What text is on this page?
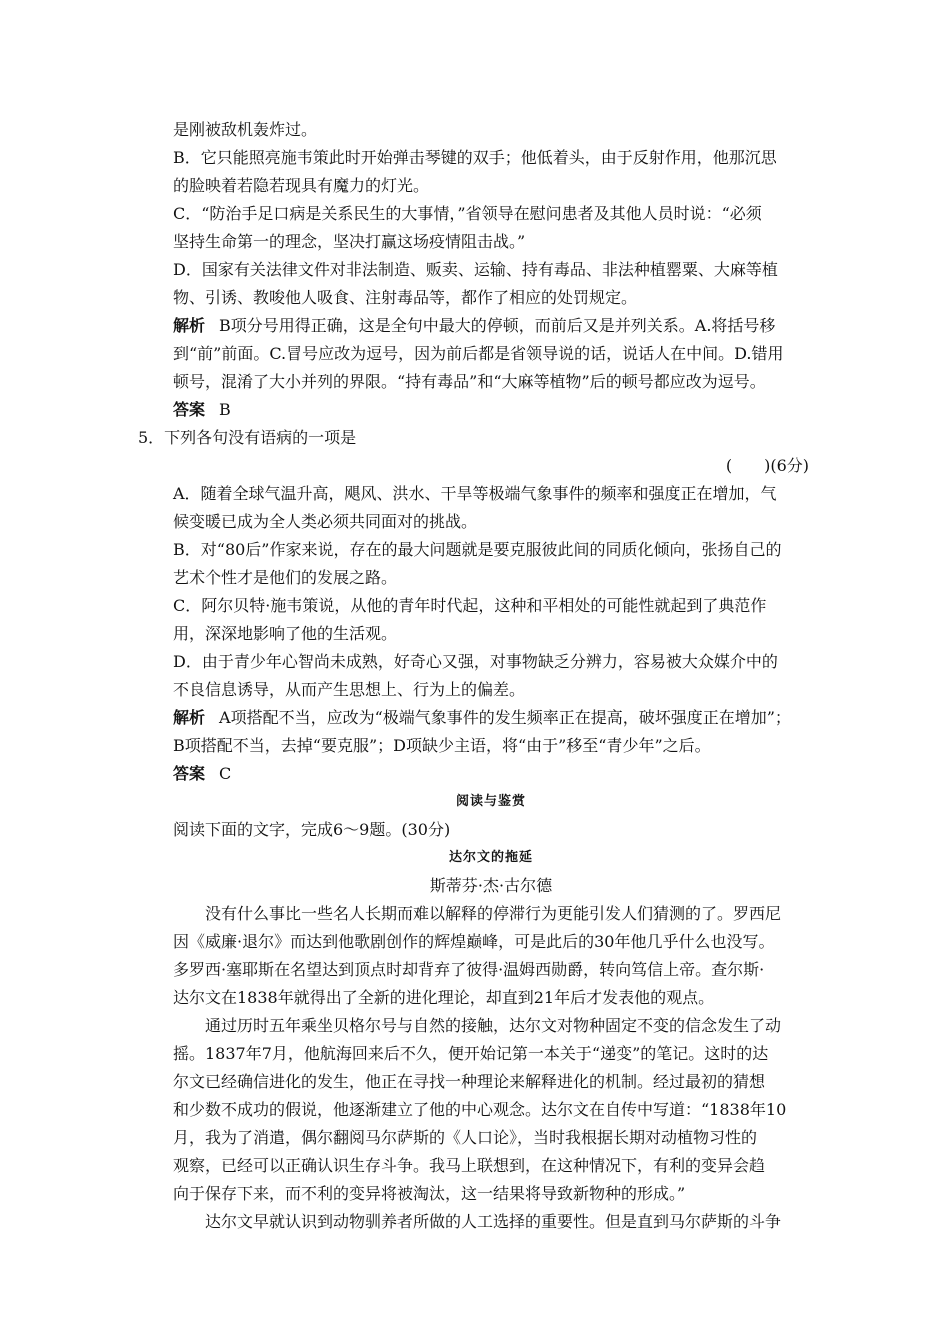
是刚被敌机轰炸过。
B．它只能照亮施韦策此时开始弹击琴键的双手；他低着头，由于反射作用，他那沉思
的脸映着若隐若现具有魔力的灯光。
C．“防治手足口病是关系民生的大事情，”省领导在慰问患者及其他人员时说：“必须
坚持生命第一的理念，坚决打赢这场疫情阻击战。”
D．国家有关法律文件对非法制造、贩卖、运输、持有毒品、非法种植罂粟、大麻等植
物、引诱、教唆他人吸食、注射毒品等，都作了相应的处罚规定。
解析 B项分号用得正确，这是全句中最大的停顿，而前后又是并列关系。A.将括号移
到“前”前面。C.冒号应改为逗号，因为前后都是省领导说的话，说话人在中间。D.错用
顿号，混淆了大小并列的界限。“持有毒品”和“大麻等植物”后的顿号都应改为逗号。
答案 B
5．下列各句没有语病的一项是
(　　)(6分)
A．随着全球气温升高，飓风、洪水、干旱等极端气象事件的频率和强度正在增加，气
候变暖已成为全人类必须共同面对的挑战。
B．对“80后”作家来说，存在的最大问题就是要克服彼此间的同质化倾向，张扬自己的
艺术个性才是他们的发展之路。
C．阿尔贝特·施韦策说，从他的青年时代起，这种和平相处的可能性就起到了典范作
用，深深地影响了他的生活观。
D．由于青少年心智尚未成熟，好奇心又强，对事物缺乏分辨力，容易被大众媒介中的
不良信息诱导，从而产生思想上、行为上的偏差。
解析 A项搭配不当，应改为“极端气象事件的发生频率正在提高，破坏强度正在增加”；
B项搭配不当，去掉“要克服”；D项缺少主语，将“由于”移至“青少年”之后。
答案 C
阅读与鉴赏
阅读下面的文字，完成6～9题。(30分)
达尔文的拖延
斯蒂芬·杰·古尔德
没有什么事比一些名人长期而难以解释的停滞行为更能引发人们猜测的了。罗西尼
因《威廉·退尔》而达到他歌剧创作的辉煌巅峰，可是此后的30年他几乎什么也没写。
多罗西·塞耶斯在名望达到顶点时却背弃了彼得·温姆西勋爵，转向笃信上帝。查尔斯·
达尔文在1838年就得出了全新的进化理论，却直到21年后才发表他的观点。
通过历时五年乘坐贝格尔号与自然的接触，达尔文对物种固定不变的信念发生了动
摇。1837年7月，他航海回来后不久，便开始记第一本关于“递变”的笔记。这时的达
尔文已经确信进化的发生，他正在寻找一种理论来解释进化的机制。经过最初的猜想
和少数不成功的假说，他逐渐建立了他的中心观念。达尔文在自传中写道：“1838年10
月，我为了消遣，偶尔翻阅马尔萨斯的《人口论》，当时我根据长期对动植物习性的
观察，已经可以正确认识生存斗争。我马上联想到，在这种情况下，有利的变异会趋
向于保存下来，而不利的变异将被淘汰，这一结果将导致新物种的形成。”
达尔文早就认识到动物驯养者所做的人工选择的重要性。但是直到马尔萨斯的斗争
